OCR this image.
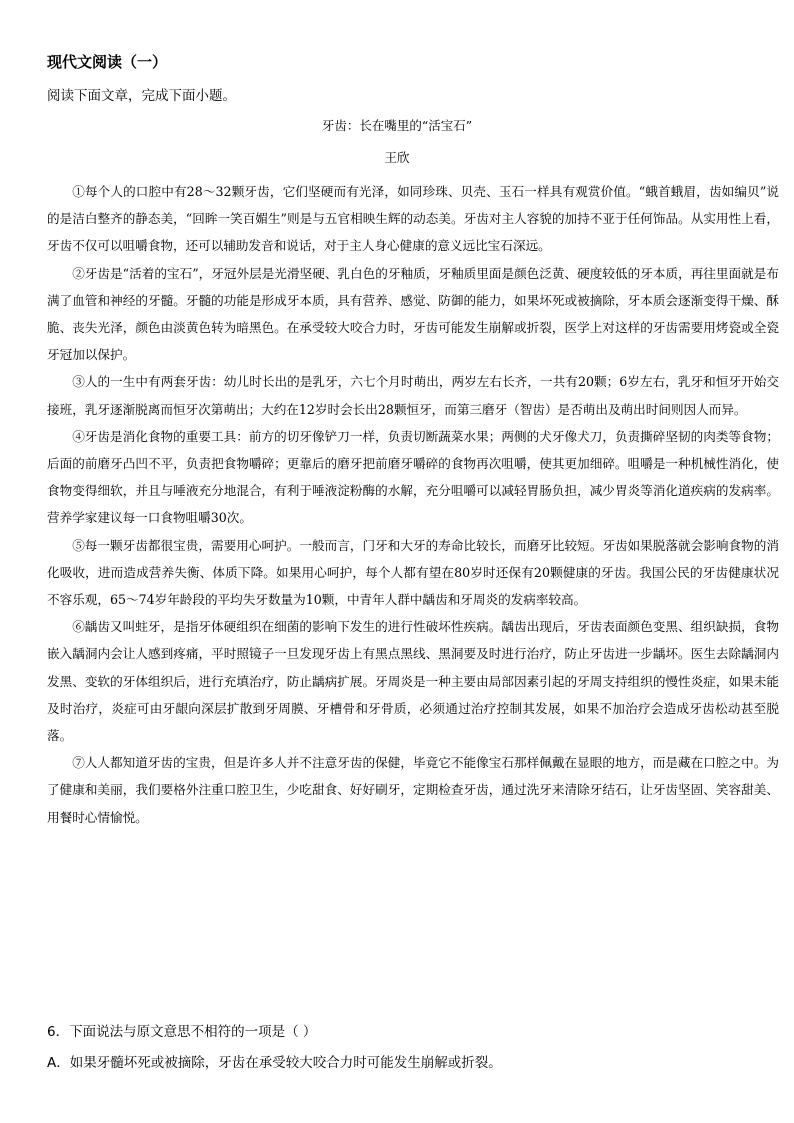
现代文阅读（一）
阅读下面文章，完成下面小题。
牙齿：长在嘴里的“活宝石”
王欣

①每个人的口腔中有28～32颗牙齿，它们坚硬而有光泽，如同珍珠、贝壳、玉石一样具有观赏价值。“蛾首蛾眉，齿如编贝”说的是洁白整齐的静态美，“回眸一笑百媚生”则是与五官相映生辉的动态美。牙齿对主人容貌的加持不亚于任何饰品。从实用性上看，牙齿不仅可以咀嚼食物，还可以辅助发音和说话，对于主人身心健康的意义远比宝石深远。

②牙齿是“活着的宝石”，牙冠外层是光滑坚硬、乳白色的牙釉质，牙釉质里面是颜色泛黄、硬度较低的牙本质，再往里面就是布满了血管和神经的牙髓。牙髓的功能是形成牙本质，具有营养、感觉、防御的能力，如果坏死或被摘除，牙本质会逐渐变得干燥、酥脆、丧失光泽，颜色由淡黄色转为暗黑色。在承受较大咬合力时，牙齿可能发生崩解或折裂，医学上对这样的牙齿需要用烤瓷或全瓷牙冠加以保护。

③人的一生中有两套牙齿：幼儿时长出的是乳牙，六七个月时萌出，两岁左右长齐，一共有20颗；6岁左右，乳牙和恒牙开始交接班，乳牙逐渐脱离而恒牙次第萌出；大约在12岁时会长出28颗恒牙，而第三磨牙（智齿）是否萌出及萌出时间则因人而异。

④牙齿是消化食物的重要工具：前方的切牙像铲刀一样，负责切断蔬菜水果；两侧的犬牙像犬刀，负责撕碎坚韧的肉类等食物；后面的前磨牙凸凹不平，负责把食物嚼碎；更靠后的磨牙把前磨牙嚼碎的食物再次咀嚼，使其更加细碎。咀嚼是一种机械性消化，使食物变得细软，并且与唾液充分地混合，有利于唾液淀粉酶的水解，充分咀嚼可以减轻胃肠负担，减少胃炎等消化道疾病的发病率。营养学家建议每一口食物咀嚼30次。

⑤每一颗牙齿都很宝贵，需要用心呵护。一般而言，门牙和大牙的寿命比较长，而磨牙比较短。牙齿如果脱落就会影响食物的消化吸收，进而造成营养失衡、体质下降。如果用心呵护，每个人都有望在80岁时还保有20颗健康的牙齿。我国公民的牙齿健康状况不容乐观，65～74岁年龄段的平均失牙数量为10颗，中青年人群中龋齿和牙周炎的发病率较高。

⑥龋齿又叫蛀牙，是指牙体硬组织在细菌的影响下发生的进行性破坏性疾病。龋齿出现后，牙齿表面颜色变黑、组织缺损，食物嵌入龋洞内会让人感到疼痛，平时照镜子一旦发现牙齿上有黑点黑线、黑洞要及时进行治疗，防止牙齿进一步龋坏。医生去除龋洞内发黑、变软的牙体组织后，进行充填治疗，防止龋病扩展。牙周炎是一种主要由局部因素引起的牙周支持组织的慢性炎症，如果未能及时治疗，炎症可由牙龈向深层扩散到牙周膜、牙槽骨和牙骨质，必须通过治疗控制其发展，如果不加治疗会造成牙齿松动甚至脱落。

⑦人人都知道牙齿的宝贵，但是许多人并不注意牙齿的保健，毕竟它不能像宝石那样佩戴在显眼的地方，而是藏在口腔之中。为了健康和美丽，我们要格外注重口腔卫生，少吃甜食、好好刷牙，定期检查牙齿，通过洗牙来清除牙结石，让牙齿坚固、笑容甜美、用餐时心情愉悦。

6．下面说法与原文意思不相符的一项是（ ）
A．如果牙髓坏死或被摘除，牙齿在承受较大咬合力时可能发生崩解或折裂。
